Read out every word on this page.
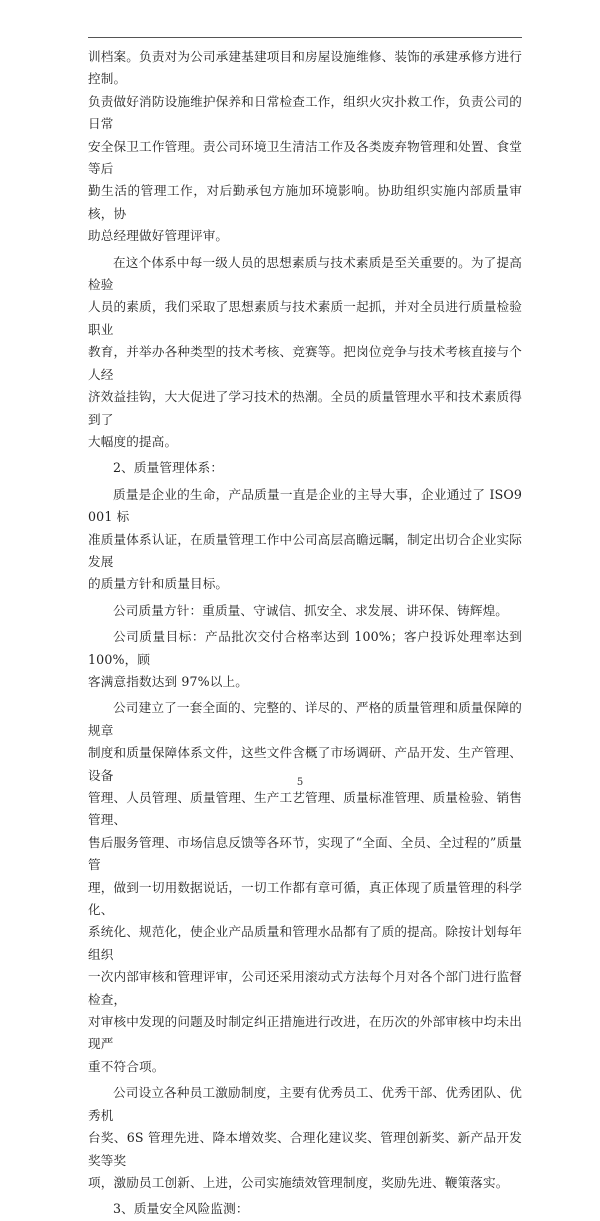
训档案。负责对为公司承建基建项目和房屋设施维修、装饰的承建承修方进行控制。
负责做好消防设施维护保养和日常检查工作，组织火灾扑救工作，负责公司的日常
安全保卫工作管理。责公司环境卫生清洁工作及各类废弃物管理和处置、食堂等后
勤生活的管理工作，对后勤承包方施加环境影响。协助组织实施内部质量审核，协
助总经理做好管理评审。

在这个体系中每一级人员的思想素质与技术素质是至关重要的。为了提高检验
人员的素质，我们采取了思想素质与技术素质一起抓，并对全员进行质量检验职业
教育，并举办各种类型的技术考核、竞赛等。把岗位竞争与技术考核直接与个人经
济效益挂钩，大大促进了学习技术的热潮。全员的质量管理水平和技术素质得到了
大幅度的提高。

2、质量管理体系：

质量是企业的生命，产品质量一直是企业的主导大事，企业通过了 ISO9001 标
准质量体系认证，在质量管理工作中公司高层高瞻远瞩，制定出切合企业实际发展
的质量方针和质量目标。

公司质量方针：重质量、守诚信、抓安全、求发展、讲环保、铸辉煌。

公司质量目标：产品批次交付合格率达到 100%；客户投诉处理率达到 100%，顾
客满意指数达到 97%以上。

公司建立了一套全面的、完整的、详尽的、严格的质量管理和质量保障的规章
制度和质量保障体系文件，这些文件含概了市场调研、产品开发、生产管理、设备
管理、人员管理、质量管理、生产工艺管理、质量标准管理、质量检验、销售管理、
售后服务管理、市场信息反馈等各环节，实现了“全面、全员、全过程的”质量管
理，做到一切用数据说话，一切工作都有章可循，真正体现了质量管理的科学化、
系统化、规范化，使企业产品质量和管理水品都有了质的提高。除按计划每年组织
一次内部审核和管理评审，公司还采用滚动式方法每个月对各个部门进行监督检查，
对审核中发现的问题及时制定纠正措施进行改进，在历次的外部审核中均未出现严
重不符合项。

公司设立各种员工激励制度，主要有优秀员工、优秀干部、优秀团队、优秀机
台奖、6S 管理先进、降本增效奖、合理化建议奖、管理创新奖、新产品开发奖等奖
项，激励员工创新、上进，公司实施绩效管理制度，奖励先进、鞭策落实。

3、质量安全风险监测：

5
